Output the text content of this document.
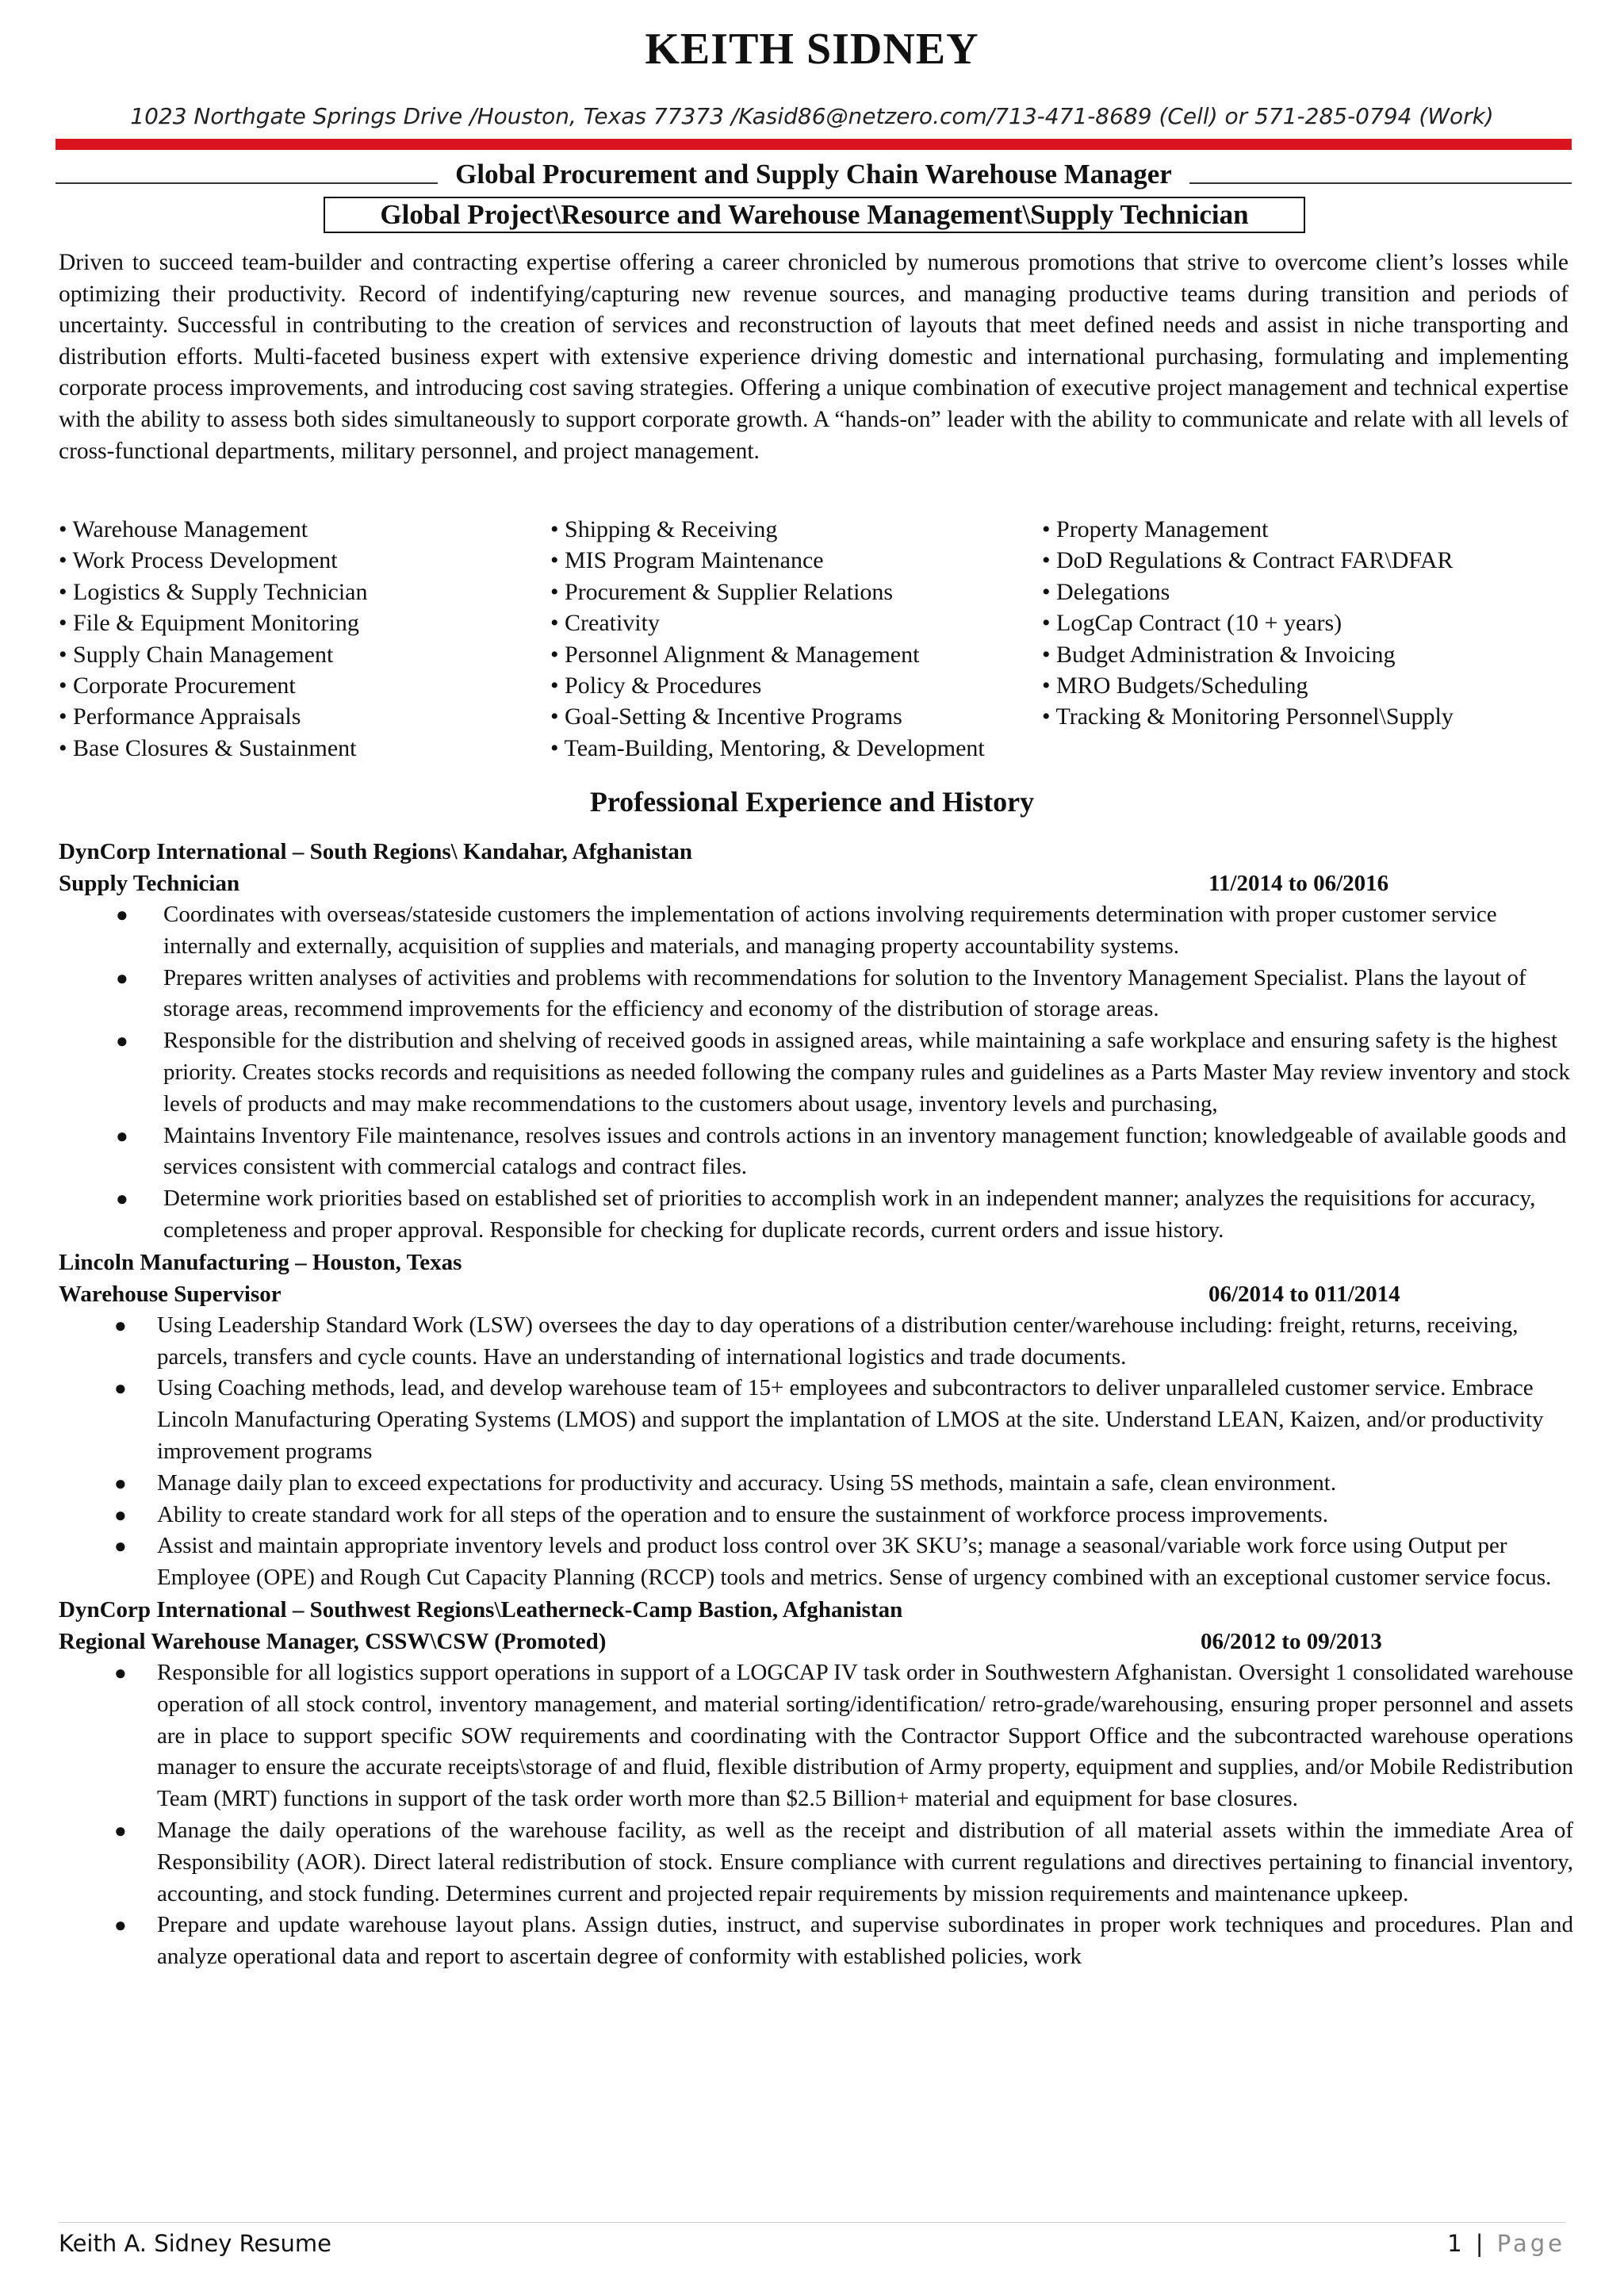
KEITH SIDNEY
1023 Northgate Springs Drive /Houston, Texas 77373 /Kasid86@netzero.com/713-471-8689 (Cell) or 571-285-0794 (Work)
Global Procurement and Supply Chain Warehouse Manager
Global Project\Resource and Warehouse Management\Supply Technician

Driven to succeed team-builder and contracting expertise offering a career chronicled by numerous promotions that strive to overcome client’s losses while optimizing their productivity. Record of indentifying/capturing new revenue sources, and managing productive teams during transition and periods of uncertainty. Successful in contributing to the creation of services and reconstruction of layouts that meet defined needs and assist in niche transporting and distribution efforts. Multi-faceted business expert with extensive experience driving domestic and international purchasing, formulating and implementing corporate process improvements, and introducing cost saving strategies. Offering a unique combination of executive project management and technical expertise with the ability to assess both sides simultaneously to support corporate growth. A “hands-on” leader with the ability to communicate and relate with all levels of cross-functional departments, military personnel, and project management.

• Warehouse Management
• Work Process Development
• Logistics & Supply Technician
• File & Equipment Monitoring
• Supply Chain Management
• Corporate Procurement
• Performance Appraisals
• Base Closures & Sustainment
• Shipping & Receiving
• MIS Program Maintenance
• Procurement & Supplier Relations
• Creativity
• Personnel Alignment & Management
• Policy & Procedures
• Goal-Setting & Incentive Programs
• Team-Building, Mentoring, & Development
• Property Management
• DoD Regulations & Contract FAR\DFAR
• Delegations
• LogCap Contract (10 + years)
• Budget Administration & Invoicing
• MRO Budgets/Scheduling
• Tracking & Monitoring Personnel\Supply
Professional Experience and History
DynCorp International – South Regions\ Kandahar, Afghanistan
Supply Technician	11/2014 to 06/2016
● Coordinates with overseas/stateside customers the implementation of actions involving requirements determination with proper customer service internally and externally, acquisition of supplies and materials, and managing property accountability systems.
● Prepares written analyses of activities and problems with recommendations for solution to the Inventory Management Specialist. Plans the layout of storage areas, recommend improvements for the efficiency and economy of the distribution of storage areas.
● Responsible for the distribution and shelving of received goods in assigned areas, while maintaining a safe workplace and ensuring safety is the highest priority. Creates stocks records and requisitions as needed following the company rules and guidelines as a Parts Master May review inventory and stock levels of products and may make recommendations to the customers about usage, inventory levels and purchasing,
● Maintains Inventory File maintenance, resolves issues and controls actions in an inventory management function; knowledgeable of available goods and services consistent with commercial catalogs and contract files.
● Determine work priorities based on established set of priorities to accomplish work in an independent manner; analyzes the requisitions for accuracy, completeness and proper approval. Responsible for checking for duplicate records, current orders and issue history.
Lincoln Manufacturing – Houston, Texas
Warehouse Supervisor	06/2014 to 011/2014
● Using Leadership Standard Work (LSW) oversees the day to day operations of a distribution center/warehouse including: freight, returns, receiving, parcels, transfers and cycle counts. Have an understanding of international logistics and trade documents.
● Using Coaching methods, lead, and develop warehouse team of 15+ employees and subcontractors to deliver unparalleled customer service. Embrace Lincoln Manufacturing Operating Systems (LMOS) and support the implantation of LMOS at the site. Understand LEAN, Kaizen, and/or productivity improvement programs
● Manage daily plan to exceed expectations for productivity and accuracy. Using 5S methods, maintain a safe, clean environment.
● Ability to create standard work for all steps of the operation and to ensure the sustainment of workforce process improvements.
● Assist and maintain appropriate inventory levels and product loss control over 3K SKU’s; manage a seasonal/variable work force using Output per Employee (OPE) and Rough Cut Capacity Planning (RCCP) tools and metrics. Sense of urgency combined with an exceptional customer service focus.
DynCorp International – Southwest Regions\Leatherneck-Camp Bastion, Afghanistan
Regional Warehouse Manager, CSSW\CSW (Promoted)	06/2012 to 09/2013
● Responsible for all logistics support operations in support of a LOGCAP IV task order in Southwestern Afghanistan. Oversight 1 consolidated warehouse operation of all stock control, inventory management, and material sorting/identification/ retro-grade/warehousing, ensuring proper personnel and assets are in place to support specific SOW requirements and coordinating with the Contractor Support Office and the subcontracted warehouse operations manager to ensure the accurate receipts\storage of and fluid, flexible distribution of Army property, equipment and supplies, and/or Mobile Redistribution Team (MRT) functions in support of the task order worth more than $2.5 Billion+ material and equipment for base closures.
● Manage the daily operations of the warehouse facility, as well as the receipt and distribution of all material assets within the immediate Area of Responsibility (AOR). Direct lateral redistribution of stock. Ensure compliance with current regulations and directives pertaining to financial inventory, accounting, and stock funding. Determines current and projected repair requirements by mission requirements and maintenance upkeep.
● Prepare and update warehouse layout plans. Assign duties, instruct, and supervise subordinates in proper work techniques and procedures. Plan and analyze operational data and report to ascertain degree of conformity with established policies, work
Keith A. Sidney Resume	1 | Page
